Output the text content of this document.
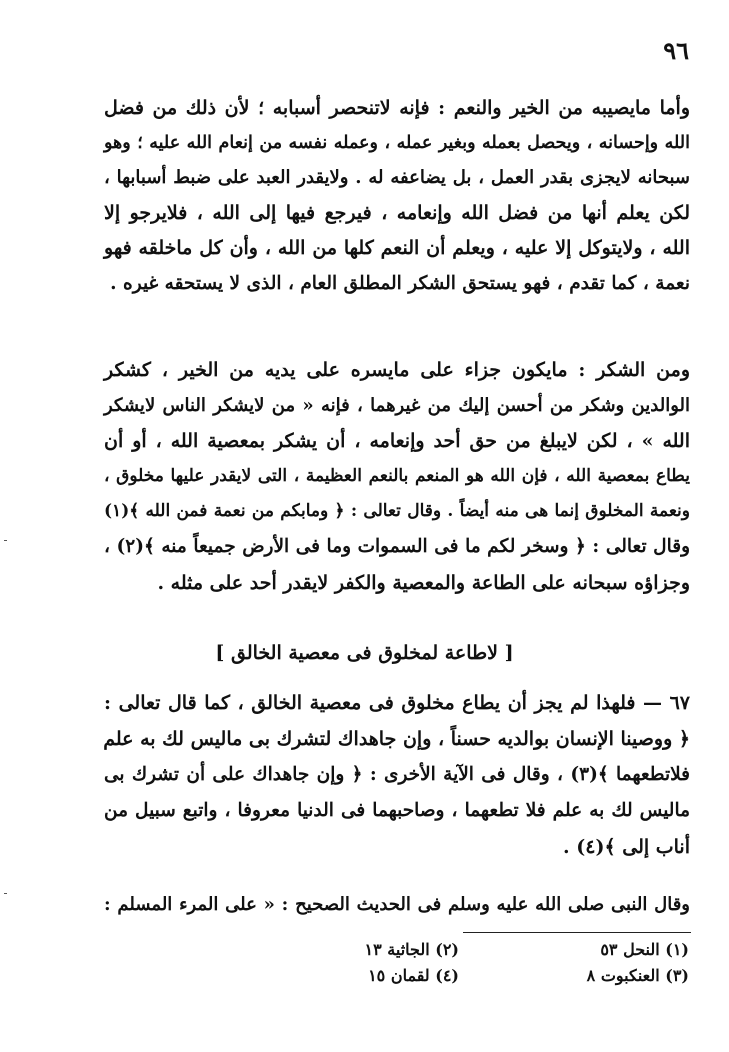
٩٦
وأما مايصيبه من الخير والنعم : فإنه لاتنحصر أسبابه ؛ لأن ذلك من فضل
الله وإحسانه ، ويحصل بعمله وبغير عمله ، وعمله نفسه من إنعام الله عليه ؛ وهو
سبحانه لايجزى بقدر العمل ، بل يضاعفه له . ولايقدر العبد على ضبط أسبابها ،
لكن يعلم أنها من فضل الله وإنعامه ، فيرجع فيها إلى الله ، فلايرجو إلا
الله ، ولايتوكل إلا عليه ، ويعلم أن النعم كلها من الله ، وأن كل ماخلقه فهو
نعمة ، كما تقدم ، فهو يستحق الشكر المطلق العام ، الذى لا يستحقه غيره .
ومن الشكر : مايكون جزاء على مايسره على يديه من الخير ، كشكر
الوالدين وشكر من أحسن إليك من غيرهما ، فإنه « من لايشكر الناس لايشكر
الله » ، لكن لايبلغ من حق أحد وإنعامه ، أن يشكر بمعصية الله ، أو أن
يطاع بمعصية الله ، فإن الله هو المنعم بالنعم العظيمة ، التى لايقدر عليها مخلوق ،
ونعمة المخلوق إنما هى منه أيضاً . وقال تعالى : ﴿ ومابكم من نعمة فمن الله ﴾(١)
وقال تعالى : ﴿ وسخر لكم ما فى السموات وما فى الأرض جميعاً منه ﴾(٢) ،
وجزاؤه سبحانه على الطاعة والمعصية والكفر لايقدر أحد على مثله .
[ لاطاعة لمخلوق فى معصية الخالق ]
٦٧ — فلهذا لم يجز أن يطاع مخلوق فى معصية الخالق ، كما قال تعالى :
﴿ ووصينا الإنسان بوالديه حسناً ، وإن جاهداك لتشرك بى ماليس لك به علم
فلاتطعهما ﴾(٣) ، وقال فى الآية الأخرى : ﴿ وإن جاهداك على أن تشرك بى
ماليس لك به علم فلا تطعهما ، وصاحبهما فى الدنيا معروفا ، واتبع سبيل من
أناب إلى ﴾(٤) .
وقال النبى صلى الله عليه وسلم فى الحديث الصحيح : « على المرء المسلم :
(١) النحل ٥٣
(٢) الجاثية ١٣
(٣) العنكبوت ٨
(٤) لقمان ١٥
